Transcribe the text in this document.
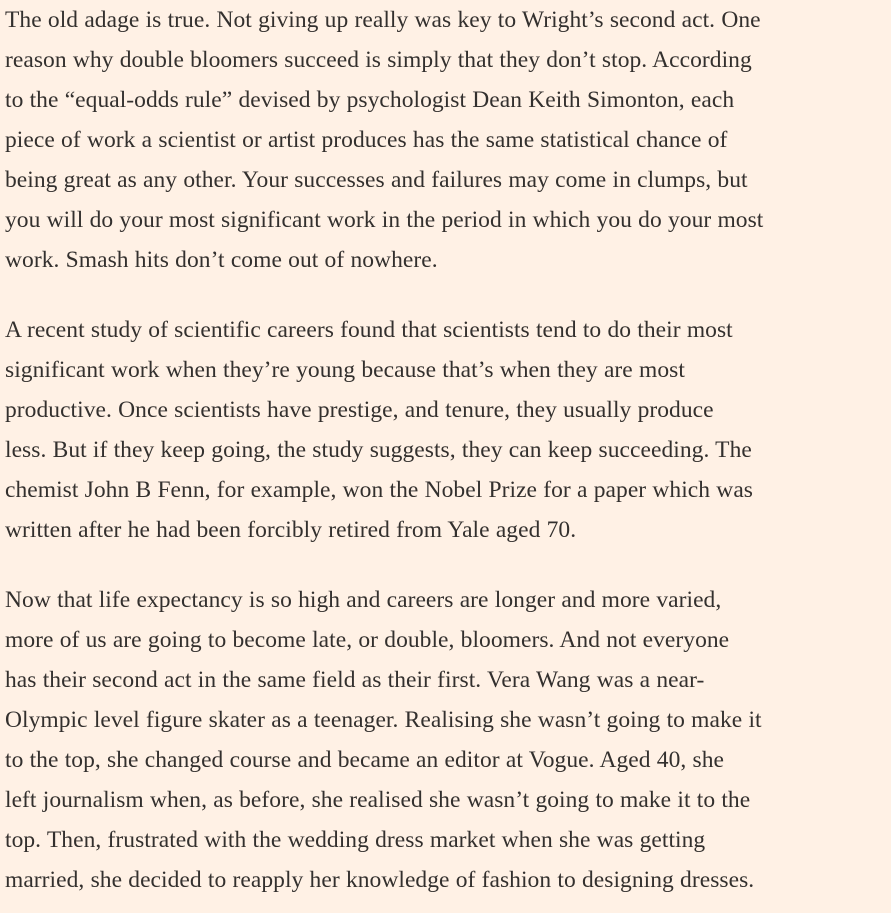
The old adage is true. Not giving up really was key to Wright’s second act. One
reason why double bloomers succeed is simply that they don’t stop. According
to the “equal-odds rule” devised by psychologist Dean Keith Simonton, each
piece of work a scientist or artist produces has the same statistical chance of
being great as any other. Your successes and failures may come in clumps, but
you will do your most significant work in the period in which you do your most
work. Smash hits don’t come out of nowhere.

A recent study of scientific careers found that scientists tend to do their most
significant work when they’re young because that’s when they are most
productive. Once scientists have prestige, and tenure, they usually produce
less. But if they keep going, the study suggests, they can keep succeeding. The
chemist John B Fenn, for example, won the Nobel Prize for a paper which was
written after he had been forcibly retired from Yale aged 70.

Now that life expectancy is so high and careers are longer and more varied,
more of us are going to become late, or double, bloomers. And not everyone
has their second act in the same field as their first. Vera Wang was a near-
Olympic level figure skater as a teenager. Realising she wasn’t going to make it
to the top, she changed course and became an editor at Vogue. Aged 40, she
left journalism when, as before, she realised she wasn’t going to make it to the
top. Then, frustrated with the wedding dress market when she was getting
married, she decided to reapply her knowledge of fashion to designing dresses.
